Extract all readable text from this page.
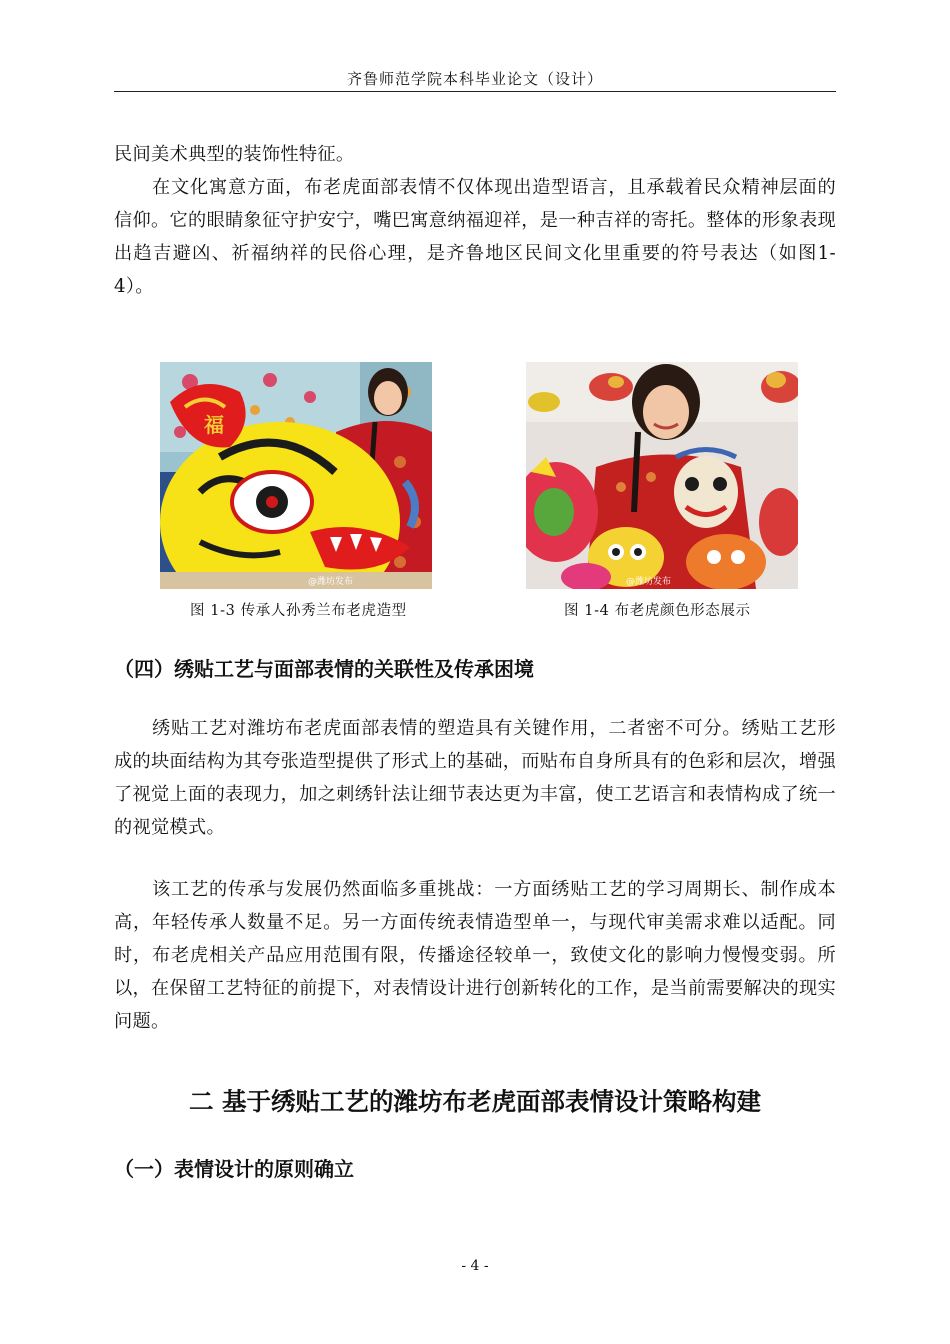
齐鲁师范学院本科毕业论文（设计）

民间美术典型的装饰性特征。

在文化寓意方面，布老虎面部表情不仅体现出造型语言，且承载着民众精神层面的信仰。它的眼睛象征守护安宁，嘴巴寓意纳福迎祥，是一种吉祥的寄托。整体的形象表现出趋吉避凶、祈福纳祥的民俗心理，是齐鲁地区民间文化里重要的符号表达（如图1-4）。

福
@潍坊发布
图 1-3 传承人孙秀兰布老虎造型
@潍坊发布
图 1-4 布老虎颜色形态展示
（四）绣贴工艺与面部表情的关联性及传承困境

绣贴工艺对潍坊布老虎面部表情的塑造具有关键作用，二者密不可分。绣贴工艺形成的块面结构为其夸张造型提供了形式上的基础，而贴布自身所具有的色彩和层次，增强了视觉上面的表现力，加之刺绣针法让细节表达更为丰富，使工艺语言和表情构成了统一的视觉模式。

该工艺的传承与发展仍然面临多重挑战：一方面绣贴工艺的学习周期长、制作成本高，年轻传承人数量不足。另一方面传统表情造型单一，与现代审美需求难以适配。同时，布老虎相关产品应用范围有限，传播途径较单一，致使文化的影响力慢慢变弱。所以，在保留工艺特征的前提下，对表情设计进行创新转化的工作，是当前需要解决的现实问题。

二 基于绣贴工艺的潍坊布老虎面部表情设计策略构建
（一）表情设计的原则确立
- 4 -
